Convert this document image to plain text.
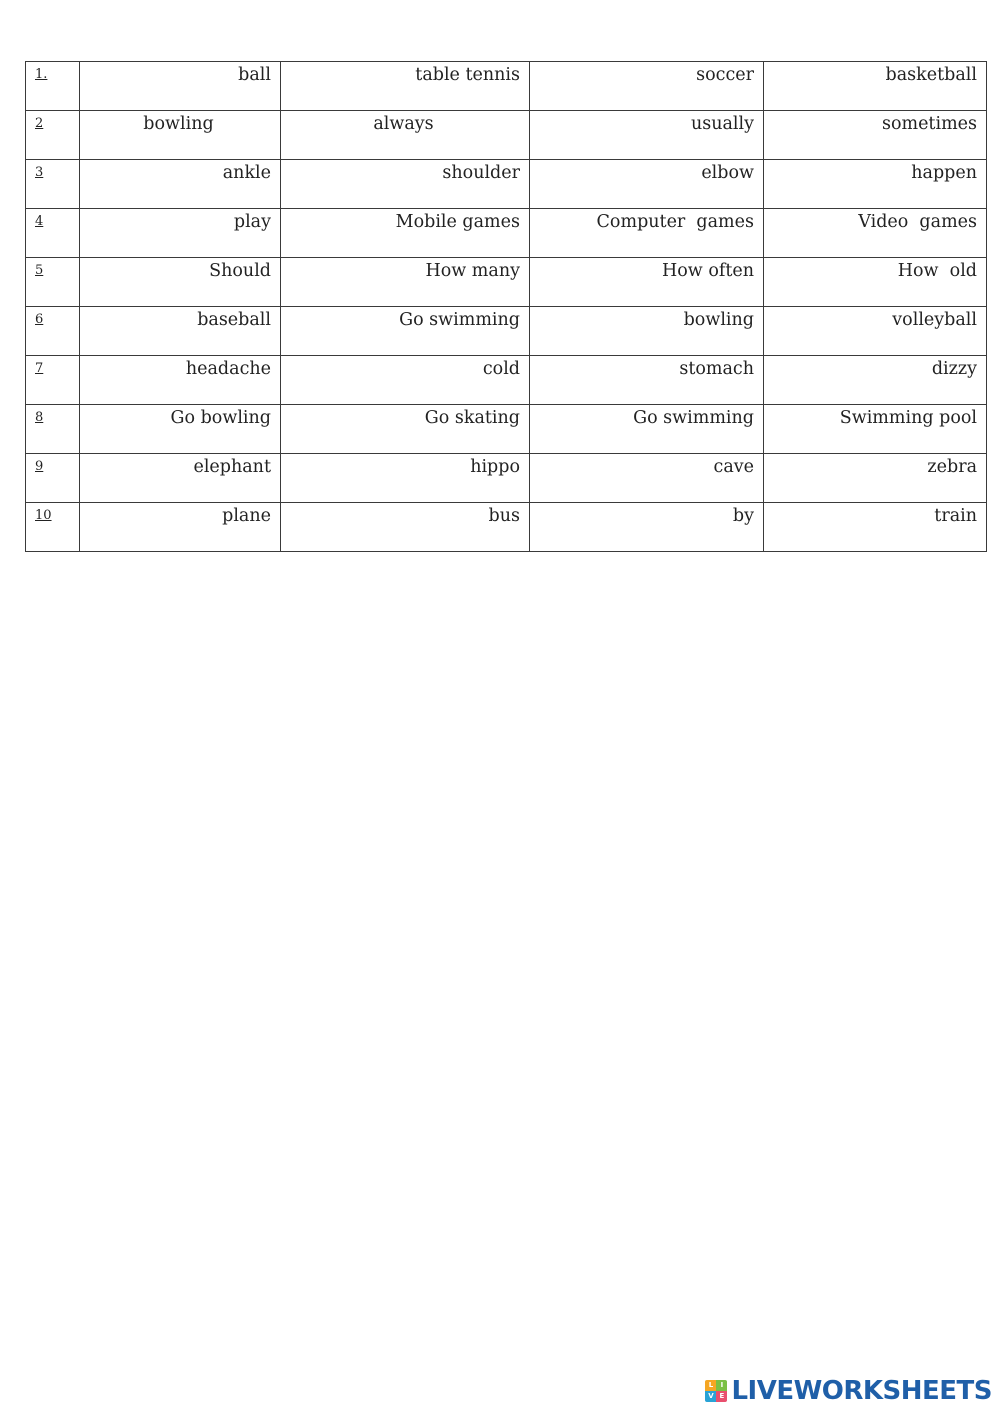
1.	ball	table tennis	soccer	basketball
2	bowling	always	usually	sometimes
3	ankle	shoulder	elbow	happen
4	play	Mobile games	Computer  games	Video  games
5	Should	How many	How often	How  old
6	baseball	Go swimming	bowling	volleyball
7	headache	cold	stomach	dizzy
8	Go bowling	Go skating	Go swimming	Swimming pool
9	elephant	hippo	cave	zebra
10	plane	bus	by	train
L	I
V E LIVEWORKSHEETS
